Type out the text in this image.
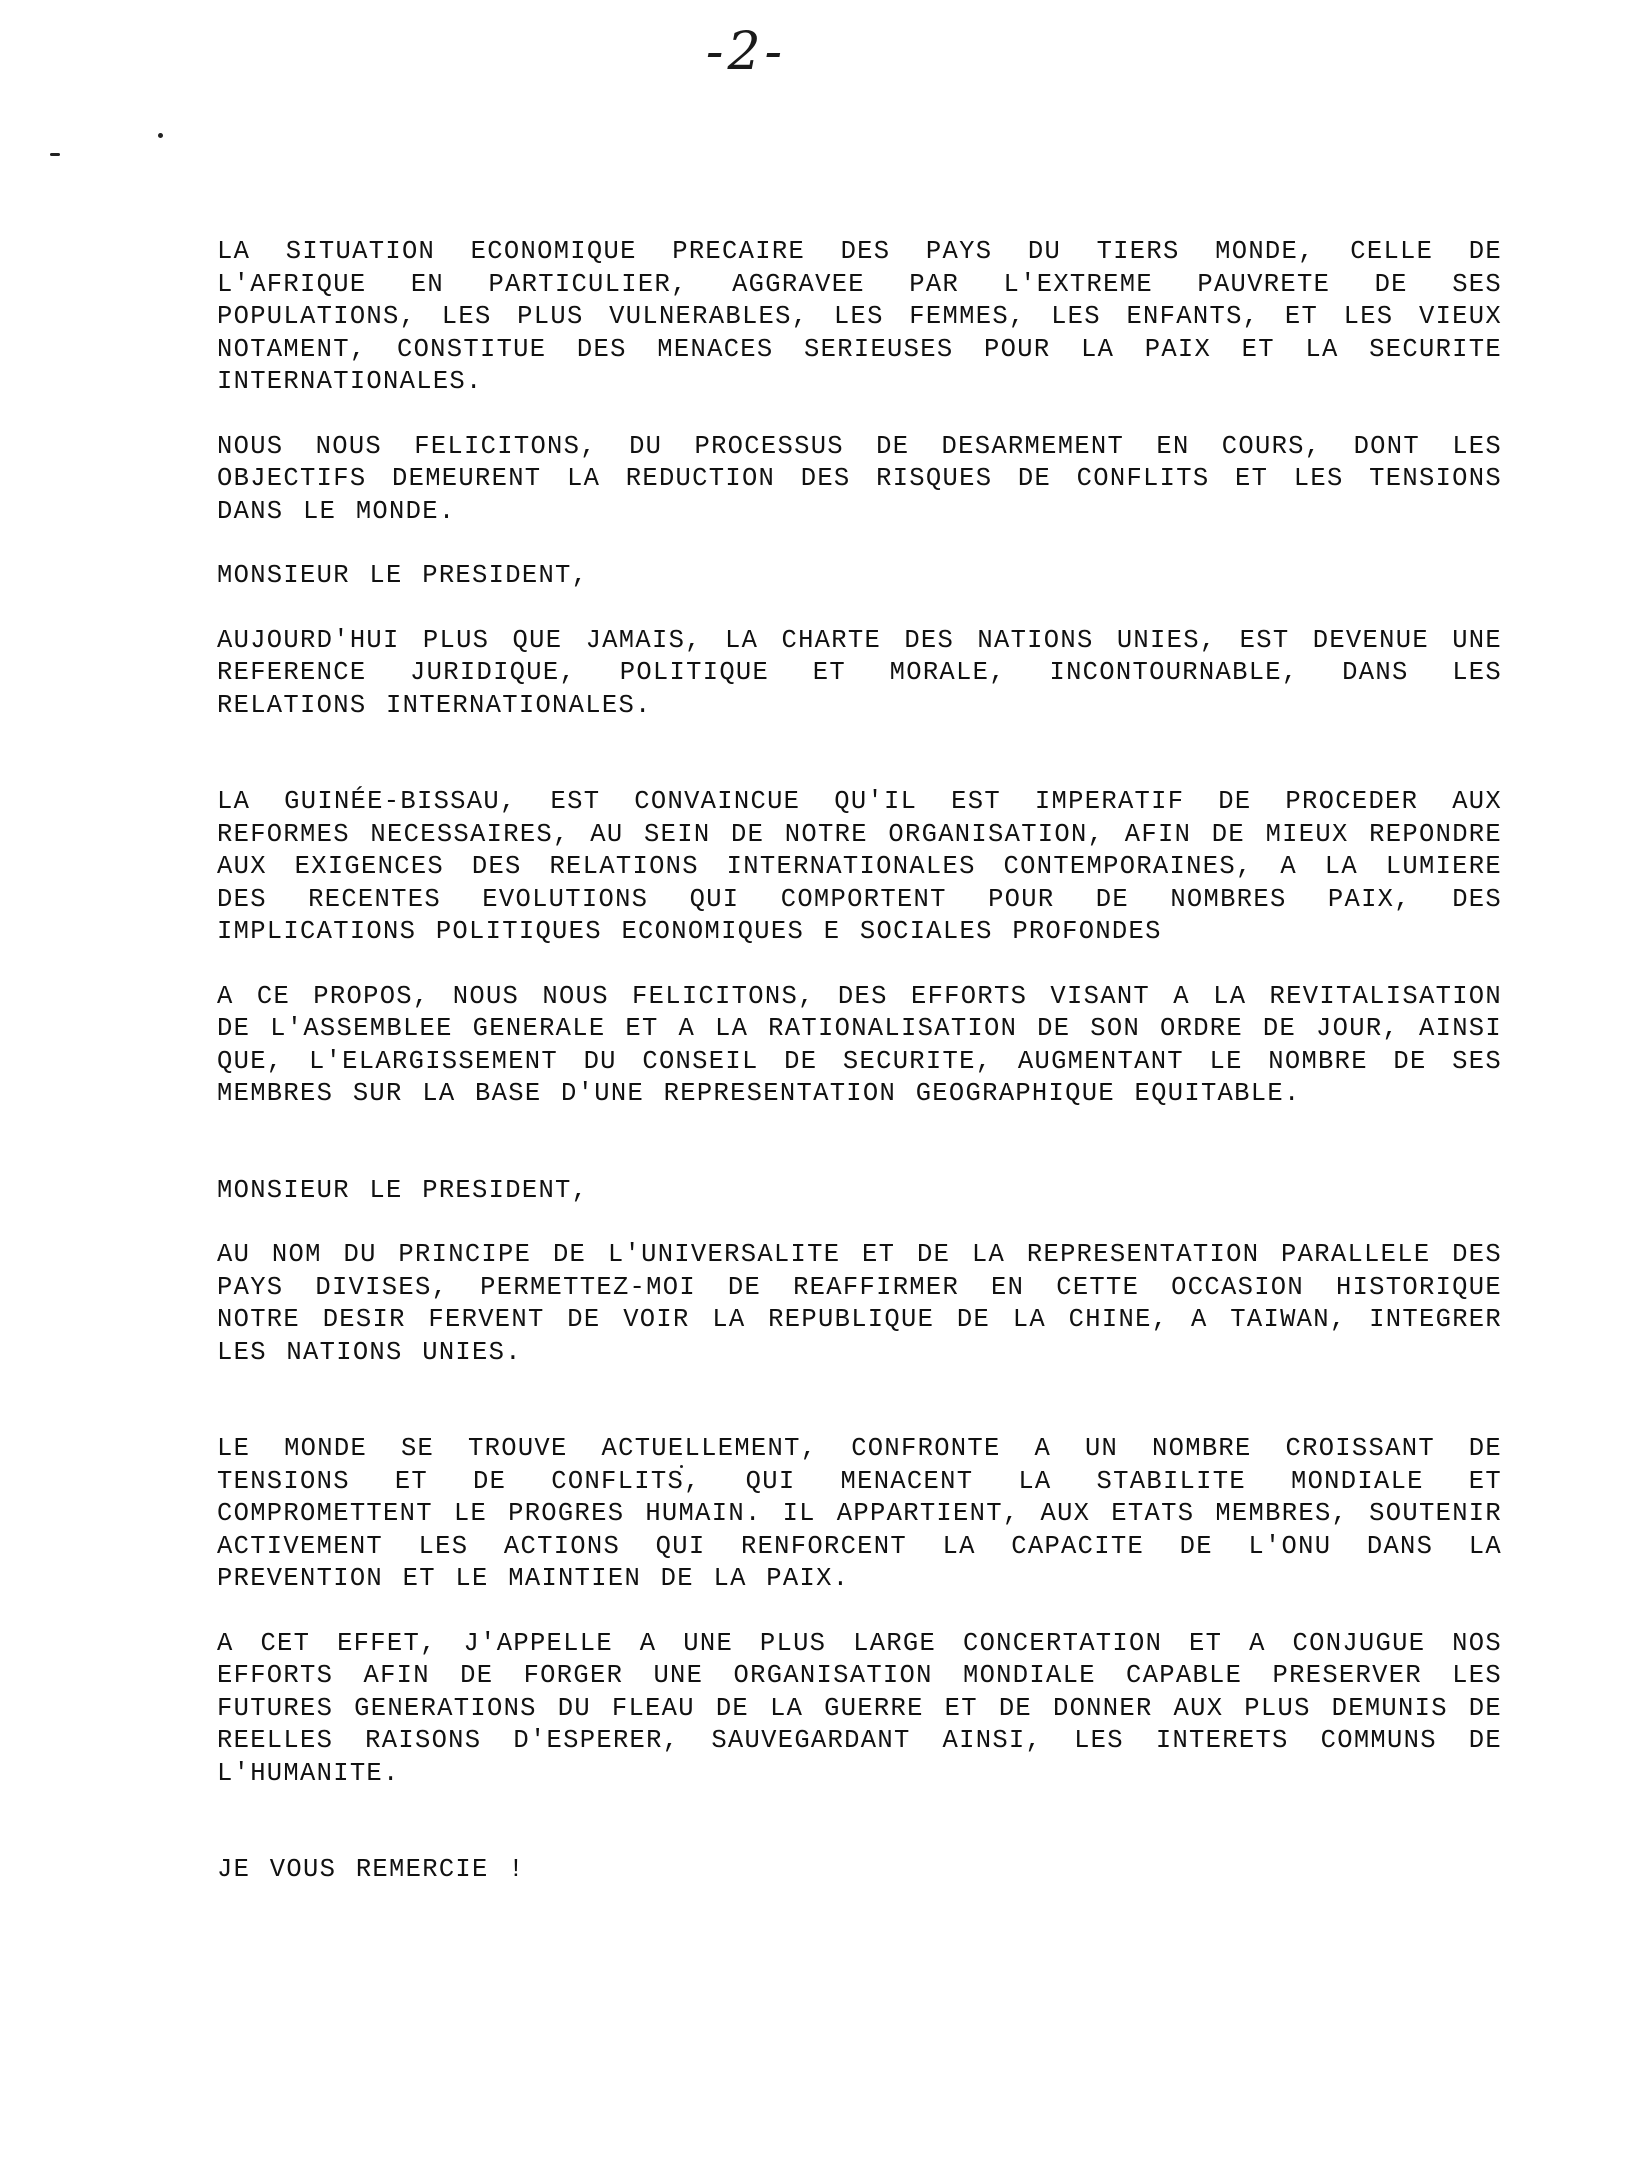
-2-

LA SITUATION ECONOMIQUE PRECAIRE DES PAYS DU TIERS MONDE, CELLE DE L'AFRIQUE EN PARTICULIER, AGGRAVEE PAR L'EXTREME PAUVRETE DE SES POPULATIONS, LES PLUS VULNERABLES, LES FEMMES, LES ENFANTS, ET LES VIEUX NOTAMENT, CONSTITUE DES MENACES SERIEUSES POUR LA PAIX ET LA SECURITE INTERNATIONALES.

NOUS NOUS FELICITONS, DU PROCESSUS DE DESARMEMENT EN COURS, DONT LES OBJECTIFS DEMEURENT LA REDUCTION DES RISQUES DE CONFLITS ET LES TENSIONS DANS LE MONDE.

MONSIEUR LE PRESIDENT,

AUJOURD'HUI PLUS QUE JAMAIS, LA CHARTE DES NATIONS UNIES, EST DEVENUE UNE REFERENCE JURIDIQUE, POLITIQUE ET MORALE, INCONTOURNABLE, DANS LES RELATIONS INTERNATIONALES.

LA GUINÉE-BISSAU, EST CONVAINCUE QU'IL EST IMPERATIF DE PROCEDER AUX REFORMES NECESSAIRES, AU SEIN DE NOTRE ORGANISATION, AFIN DE MIEUX REPONDRE AUX EXIGENCES DES RELATIONS INTERNATIONALES CONTEMPORAINES, A LA LUMIERE DES RECENTES EVOLUTIONS QUI COMPORTENT POUR DE NOMBRES PAIX, DES IMPLICATIONS POLITIQUES ECONOMIQUES E SOCIALES PROFONDES

A CE PROPOS, NOUS NOUS FELICITONS, DES EFFORTS VISANT A LA REVITALISATION DE L'ASSEMBLEE GENERALE ET A LA RATIONALISATION DE SON ORDRE DE JOUR, AINSI QUE, L'ELARGISSEMENT DU CONSEIL DE SECURITE, AUGMENTANT LE NOMBRE DE SES MEMBRES SUR LA BASE D'UNE REPRESENTATION GEOGRAPHIQUE EQUITABLE.

MONSIEUR LE PRESIDENT,

AU NOM DU PRINCIPE DE L'UNIVERSALITE ET DE LA REPRESENTATION PARALLELE DES PAYS DIVISES, PERMETTEZ-MOI DE REAFFIRMER EN CETTE OCCASION HISTORIQUE NOTRE DESIR FERVENT DE VOIR LA REPUBLIQUE DE LA CHINE, A TAIWAN, INTEGRER LES NATIONS UNIES.

LE MONDE SE TROUVE ACTUELLEMENT, CONFRONTE A UN NOMBRE CROISSANT DE TENSIONS ET DE CONFLITS, QUI MENACENT LA STABILITE MONDIALE ET COMPROMETTENT LE PROGRES HUMAIN. IL APPARTIENT, AUX ETATS MEMBRES, SOUTENIR ACTIVEMENT LES ACTIONS QUI RENFORCENT LA CAPACITE DE L'ONU DANS LA PREVENTION ET LE MAINTIEN DE LA PAIX.

A CET EFFET, J'APPELLE A UNE PLUS LARGE CONCERTATION ET A CONJUGUE NOS EFFORTS AFIN DE FORGER UNE ORGANISATION MONDIALE CAPABLE PRESERVER LES FUTURES GENERATIONS DU FLEAU DE LA GUERRE ET DE DONNER AUX PLUS DEMUNIS DE REELLES RAISONS D'ESPERER, SAUVEGARDANT AINSI, LES INTERETS COMMUNS DE L'HUMANITE.

JE VOUS REMERCIE !
